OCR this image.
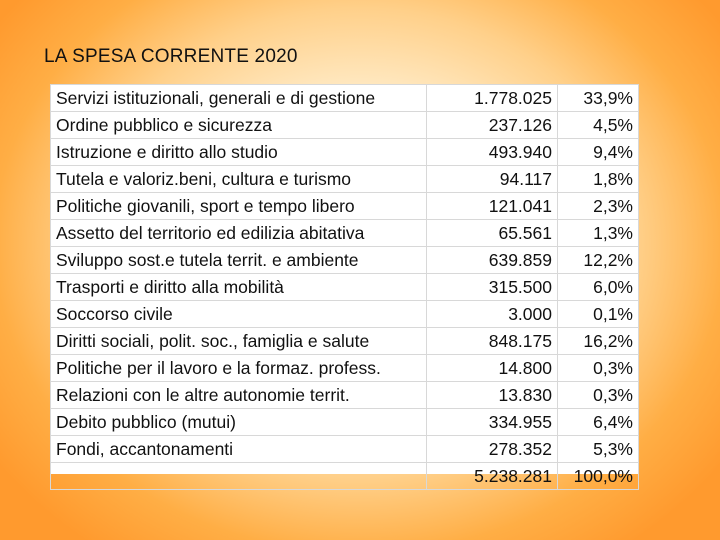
LA SPESA CORRENTE 2020
Servizi istituzionali, generali e di gestione	1.778.025	33,9%
Ordine pubblico e sicurezza	237.126	4,5%
Istruzione e diritto allo studio	493.940	9,4%
Tutela e valoriz.beni, cultura e turismo	94.117	1,8%
Politiche giovanili, sport e tempo libero	121.041	2,3%
Assetto del territorio ed edilizia abitativa	65.561	1,3%
Sviluppo sost.e tutela territ. e ambiente	639.859	12,2%
Trasporti e diritto alla mobilità	315.500	6,0%
Soccorso civile	3.000	0,1%
Diritti sociali, polit. soc., famiglia e salute	848.175	16,2%
Politiche per il lavoro e la formaz. profess.	14.800	0,3%
Relazioni con le altre autonomie territ.	13.830	0,3%
Debito pubblico (mutui)	334.955	6,4%
Fondi, accantonamenti	278.352	5,3%
	5.238.281	100,0%
